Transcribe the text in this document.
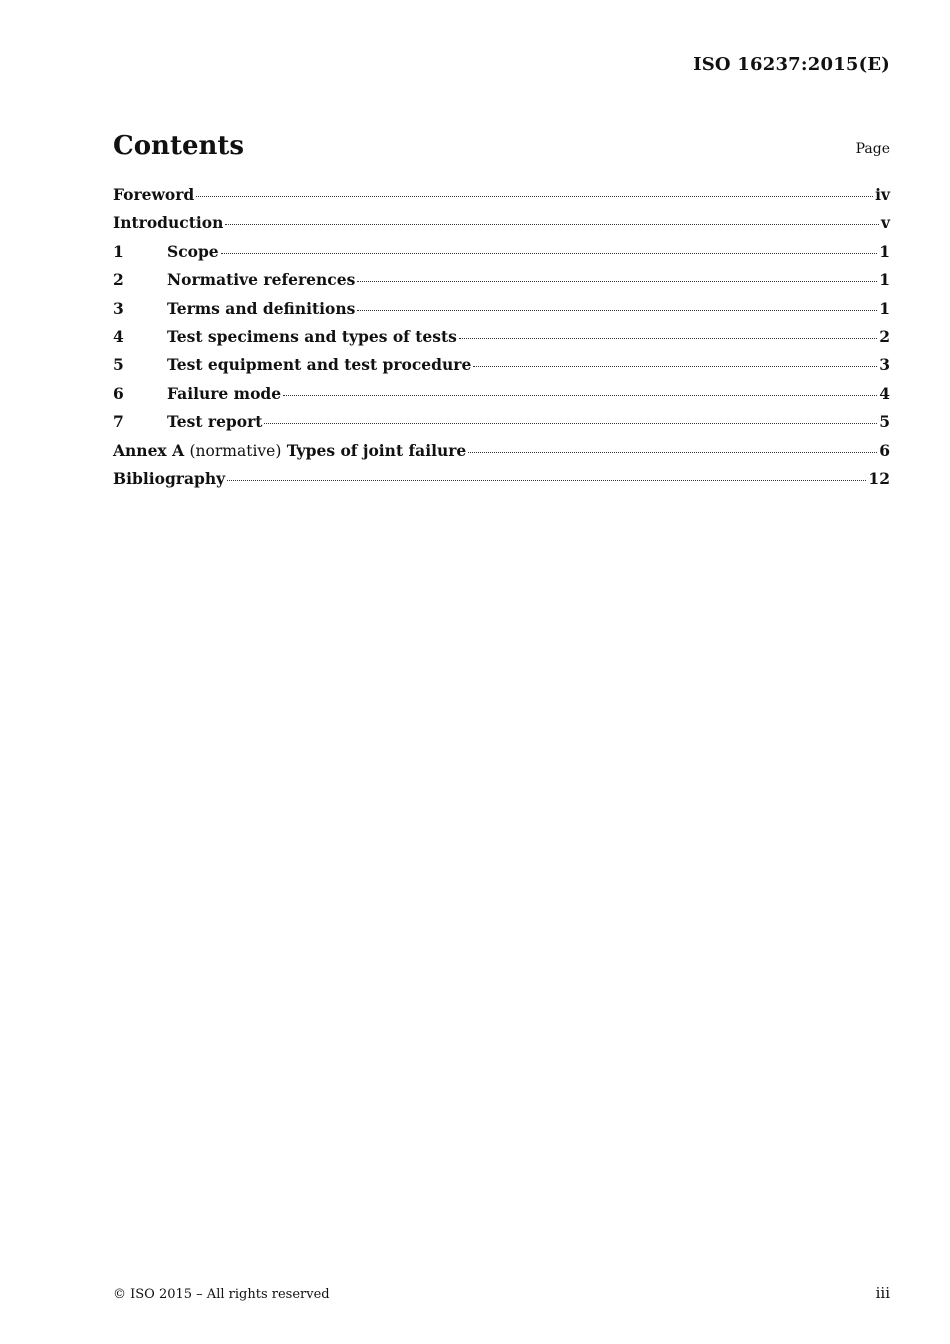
ISO 16237:2015(E)
Contents	Page
Foreword	iv
Introduction	v
1	Scope	1
2	Normative references	1
3	Terms and definitions	1
4	Test specimens and types of tests	2
5	Test equipment and test procedure	3
6	Failure mode	4
7	Test report	5
Annex A (normative) Types of joint failure	6
Bibliography	12
© ISO 2015 – All rights reserved	iii
